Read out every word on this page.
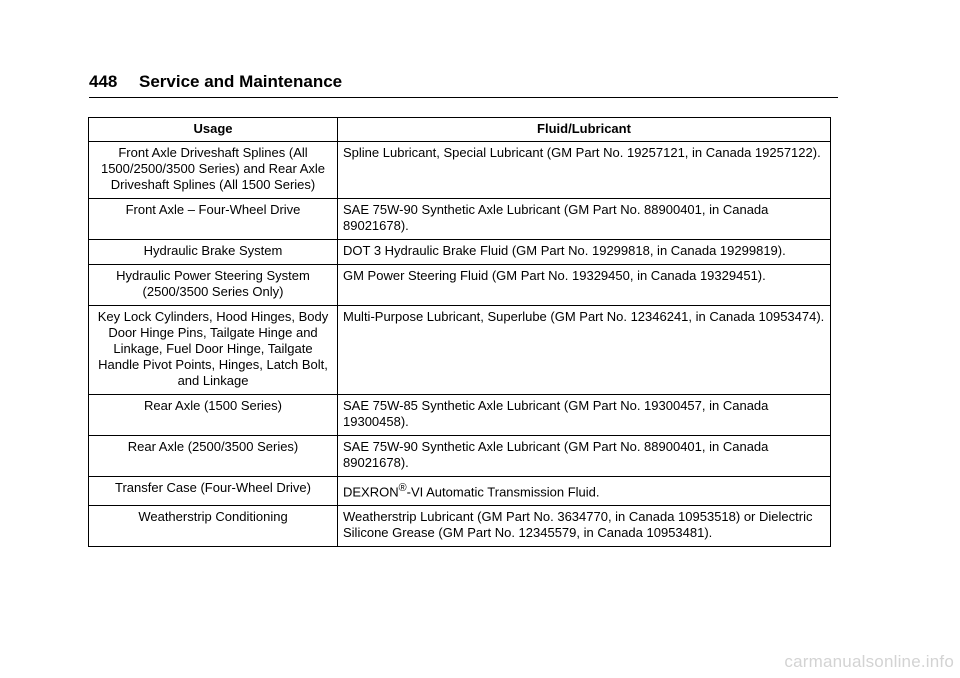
448 Service and Maintenance
Usage	Fluid/Lubricant
Front Axle Driveshaft Splines (All 1500/2500/3500 Series) and Rear Axle Driveshaft Splines (All 1500 Series)	Spline Lubricant, Special Lubricant (GM Part No. 19257121, in Canada 19257122).
Front Axle – Four-Wheel Drive	SAE 75W-90 Synthetic Axle Lubricant (GM Part No. 88900401, in Canada 89021678).
Hydraulic Brake System	DOT 3 Hydraulic Brake Fluid (GM Part No. 19299818, in Canada 19299819).
Hydraulic Power Steering System (2500/3500 Series Only)	GM Power Steering Fluid (GM Part No. 19329450, in Canada 19329451).
Key Lock Cylinders, Hood Hinges, Body Door Hinge Pins, Tailgate Hinge and Linkage, Fuel Door Hinge, Tailgate Handle Pivot Points, Hinges, Latch Bolt, and Linkage	Multi-Purpose Lubricant, Superlube (GM Part No. 12346241, in Canada 10953474).
Rear Axle (1500 Series)	SAE 75W-85 Synthetic Axle Lubricant (GM Part No. 19300457, in Canada 19300458).
Rear Axle (2500/3500 Series)	SAE 75W-90 Synthetic Axle Lubricant (GM Part No. 88900401, in Canada 89021678).
Transfer Case (Four-Wheel Drive)	DEXRON®-VI Automatic Transmission Fluid.
Weatherstrip Conditioning	Weatherstrip Lubricant (GM Part No. 3634770, in Canada 10953518) or Dielectric Silicone Grease (GM Part No. 12345579, in Canada 10953481).
carmanualsonline.info
